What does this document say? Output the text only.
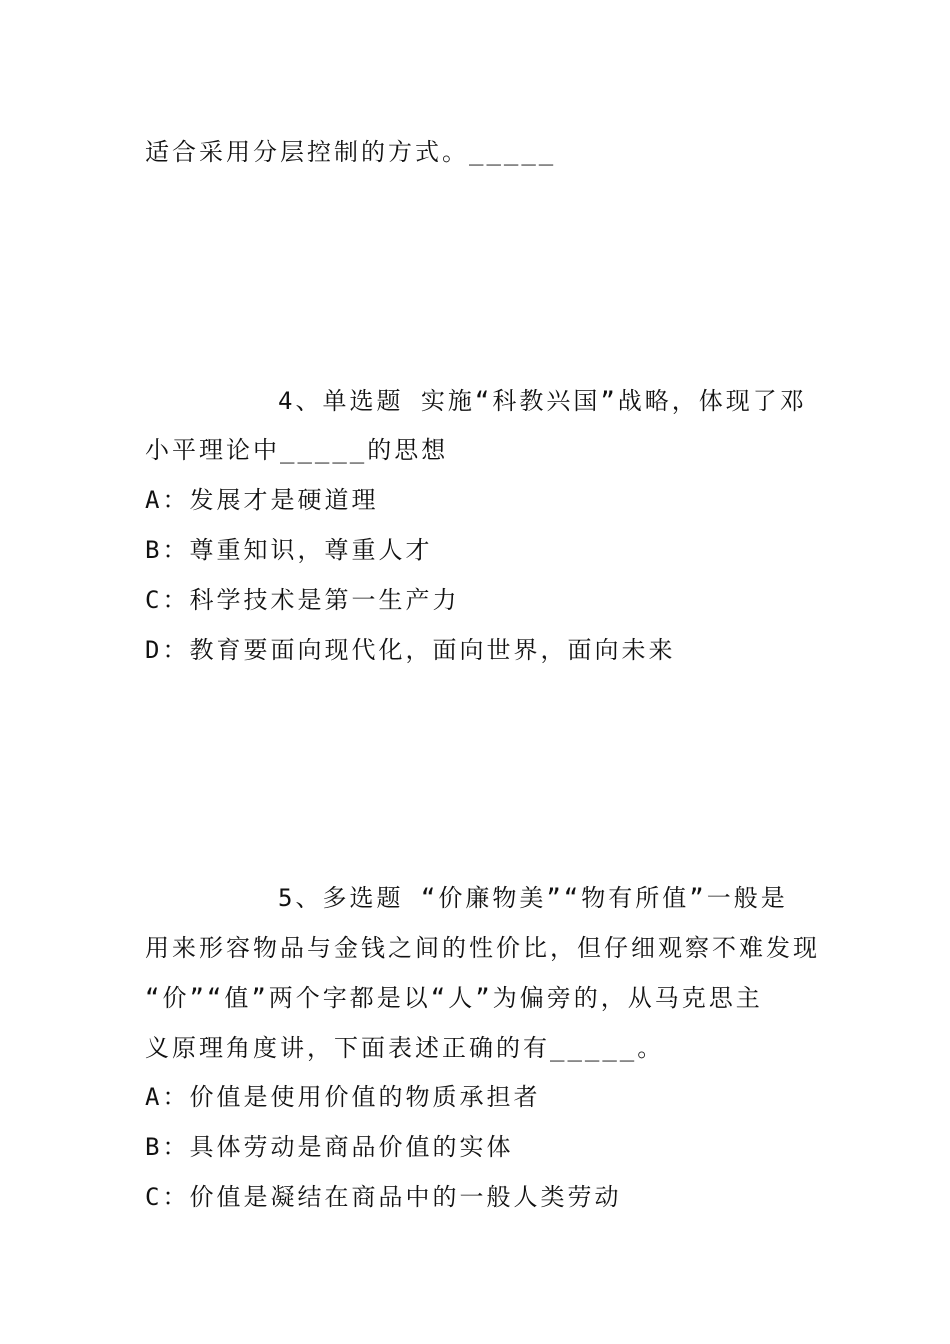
适合采用分层控制的方式。_____
4、单选题 实施“科教兴国”战略，体现了邓
小平理论中_____的思想
A：发展才是硬道理
B：尊重知识，尊重人才
C：科学技术是第一生产力
D：教育要面向现代化，面向世界，面向未来
5、多选题 “价廉物美”“物有所值”一般是
用来形容物品与金钱之间的性价比，但仔细观察不难发现
“价”“值”两个字都是以“人”为偏旁的，从马克思主
义原理角度讲，下面表述正确的有_____。
A：价值是使用价值的物质承担者
B：具体劳动是商品价值的实体
C：价值是凝结在商品中的一般人类劳动
